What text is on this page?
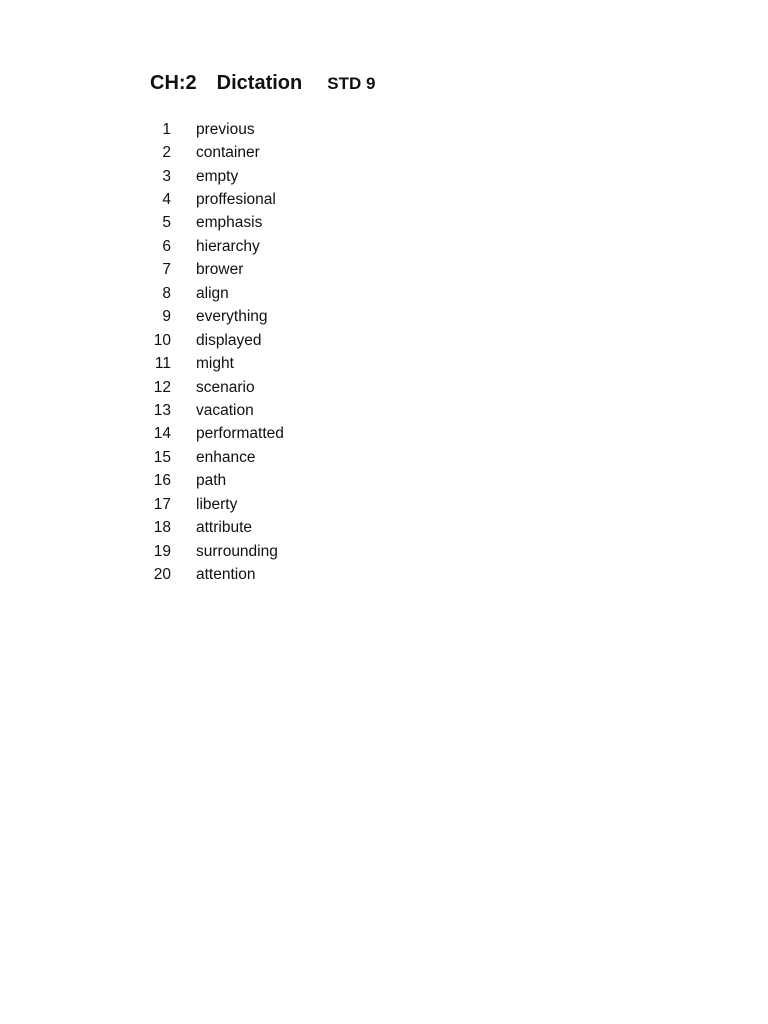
CH:2 Dictation STD 9
1 previous
2 container
3 empty
4 proffesional
5 emphasis
6 hierarchy
7 brower
8 align
9 everything
10 displayed
11 might
12 scenario
13 vacation
14 performatted
15 enhance
16 path
17 liberty
18 attribute
19 surrounding
20 attention
